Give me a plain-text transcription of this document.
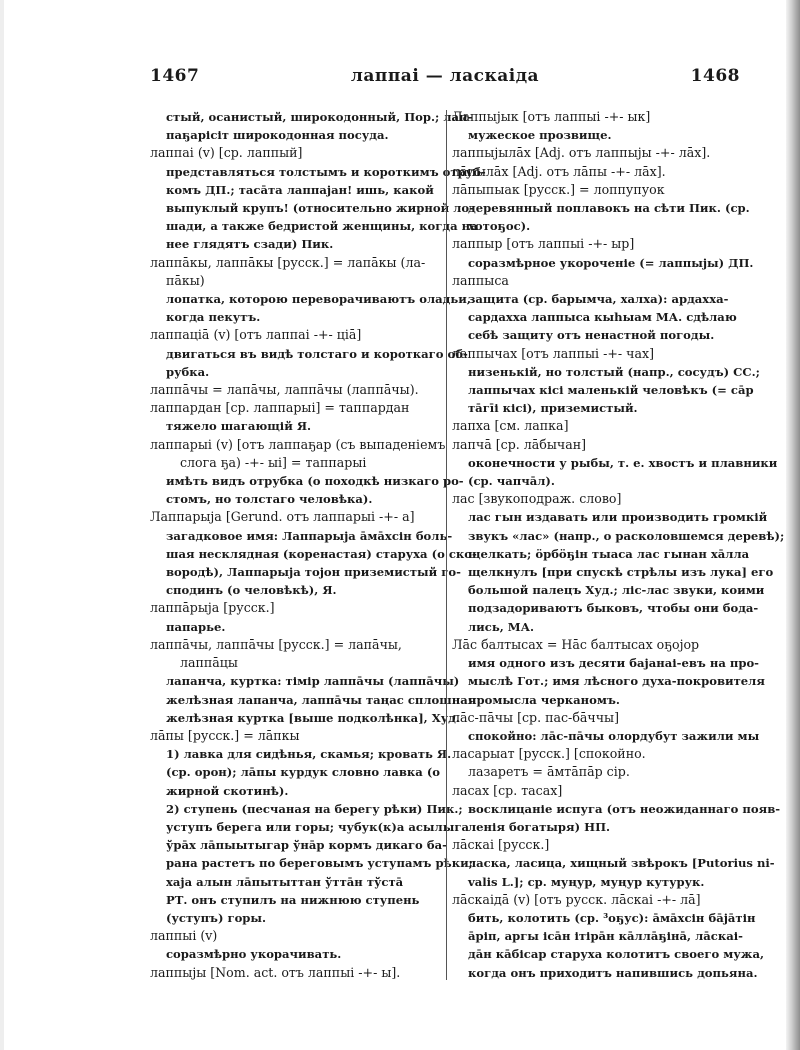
1467	лаппаі — ласкаіда	1468
стый, осанистый, широкодонный, Пор.; лап-
паҕарісіт широкодонная посуда.
лаппаі (v) [ср. лаппый]
представляться толстымъ и короткимъ отруб-
комъ ДП.; тасāта лаппаjан! ишь, какой
выпуклый крупъ! (относительно жирной ло-
шади, а также бедристой женщины, когда на
нее глядятъ сзади) Пик.
лаппāкы, лаппāкы [русск.] = лапāкы (ла-
пāкы)
лопатка, которою переворачиваютъ оладьи,
когда пекутъ.
лаппаціā (v) [отъ лаппаі -+- ціā]
двигаться въ видѣ толстаго и короткаго об-
рубка.
лаппāчы = лапāчы, лаппāчы (лаппāчы).
лаппардан [ср. лаппарыі] = таппардан
тяжело шагающій Я.
лаппарыі (v) [отъ лаппаҕар (съ выпаденіемъ
слога ҕа) -+- ыі] = таппарыі
имѣть видъ отрубка (о походкѣ низкаго ро-
стомъ, но толстаго человѣка).
Лаппарыjа [Gerund. отъ лаппарыі -+- а]
загадковое имя: Лаппарыjа āмāхсін боль-
шая несклядная (коренастая) старуха (о ско-
вородѣ), Лаппарыjа тоjон приземистый го-
сподинъ (о человѣкѣ), Я.
лаппāрыjа [русск.]
папарье.
лаппāчы, лаппāчы [русск.] = лапāчы,
лаппāцы
лапанча, куртка: тімір лаппāчы (лаппāчы)
желѣзная лапанча, лаппāчы таңас сплошная
желѣзная куртка [выше подколѣнка], Худ.
лāпы [русск.] = лāпкы
1) лавка для сидѣнья, скамья; кровать Я.
(ср. орон); лāпы курдук словно лавка (о
жирной скотинѣ).
2) ступень (песчаная на берегу рѣки) Пик.;
уступъ берега или горы; чубук(к)а асылыга
ўрāх лāпыытыгар ўнāр кормъ дикаго ба-
рана растетъ по береговымъ уступамъ рѣки;
хаjа алын лāпытыттан ўттāн тўстā
РТ. онъ ступилъ на нижнюю ступень
(уступъ) горы.
лаппыі (v)
соразмѣрно укорачивать.
лаппыjы [Nom. act. отъ лаппыі -+- ы].
Лаппыjык [отъ лаппыі -+- ык]
мужеское прозвище.
лаппыjылāх [Adj. отъ лаппыjы -+- лāх].
лāпылāх [Adj. отъ лāпы -+- лāх].
лāпыпыак [русск.] = лоппупуок
деревянный поплавокъ на сѣти Пик. (ср.
хотоҕос).
лаппыр [отъ лаппыі -+- ыр]
соразмѣрное укороченіе (= лаппыjы) ДП.
лаппыса
защита (ср. барымча, халха): ардахха-
сардахха лаппыса кыhыам МА. сдѣлаю
себѣ защиту отъ ненастной погоды.
лаппычах [отъ лаппыі -+- чах]
низенькій, но толстый (напр., сосудъ) СС.;
лаппычах кісі маленькій человѣкъ (= сāр
тāгīі кісі), приземистый.
лапха [см. лапка]
лапчā [ср. лāбычан]
оконечности у рыбы, т. е. хвостъ и плавники
(ср. чапчāл).
лас [звукоподраж. слово]
лас гын издавать или производить громкій
звукъ «лас» (напр., о расколовшемся деревѣ);
щелкать; ӧрбӧҕін тыаса лас гынан хāлла
щелкнулъ [при спускѣ стрѣлы изъ лука] его
большой палецъ Худ.; ліс-лас звуки, коими
подзадориваютъ быковъ, чтобы они бода-
лись, МА.
Лāс балтысах = Нāс балтысах оҕоjор
имя одного изъ десяти баjанаі-евъ на про-
мыслѣ Гот.; имя лѣсного духа-покровителя
промысла черканомъ.
лāс-пāчы [ср. пас-бāччы]
спокойно: лāс-пāчы олордубут зажили мы
ласарыат [русск.] [спокойно.
лазаретъ = āмтāпāр сір.
ласах [ср. тасах]
восклицаніе испуга (отъ неожиданнаго появ-
ленія богатыря) НП.
лāскаі [русск.]
ласка, ласица, хищный звѣрокъ [Putorius ni-
valis L.]; ср. муңур, муңур кутурук.
лāскаідā (v) [отъ русск. лāскаі -+- лā]
бить, колотить (ср. ³оҕус): āмāхсін бājāтін
āріп, аргы ісāн ітірāн кāллāҕінā, лāскаі-
дāн кāбісар старуха колотитъ своего мужа,
когда онъ приходитъ напившись допьяна.
